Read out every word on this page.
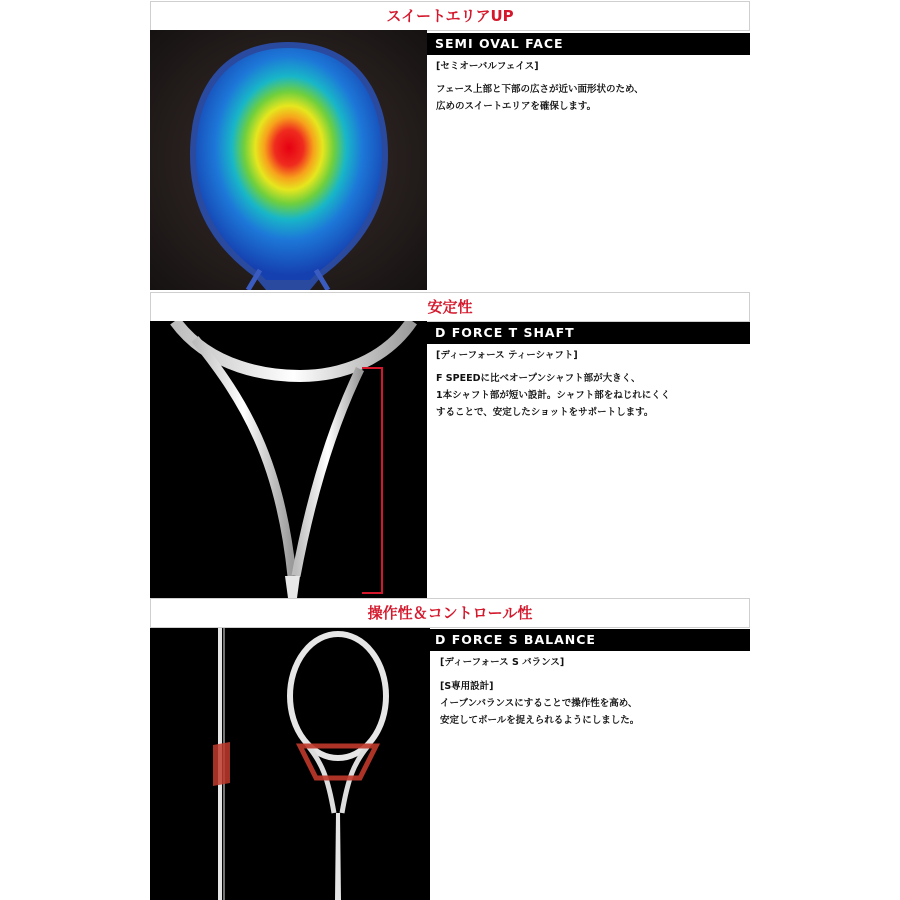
スイートエリアUP
SEMI OVAL FACE
[セミオーバルフェイス]
フェース上部と下部の広さが近い面形状のため、
広めのスイートエリアを確保します。
安定性
D FORCE T SHAFT
[ディーフォース ティーシャフト]
F SPEEDに比べオープンシャフト部が大きく、
1本シャフト部が短い設計。シャフト部をねじれにくく
することで、安定したショットをサポートします。
操作性＆コントロール性
D FORCE S BALANCE
[ディーフォース S バランス]
[S専用設計]
イーブンバランスにすることで操作性を高め、
安定してボールを捉えられるようにしました。
